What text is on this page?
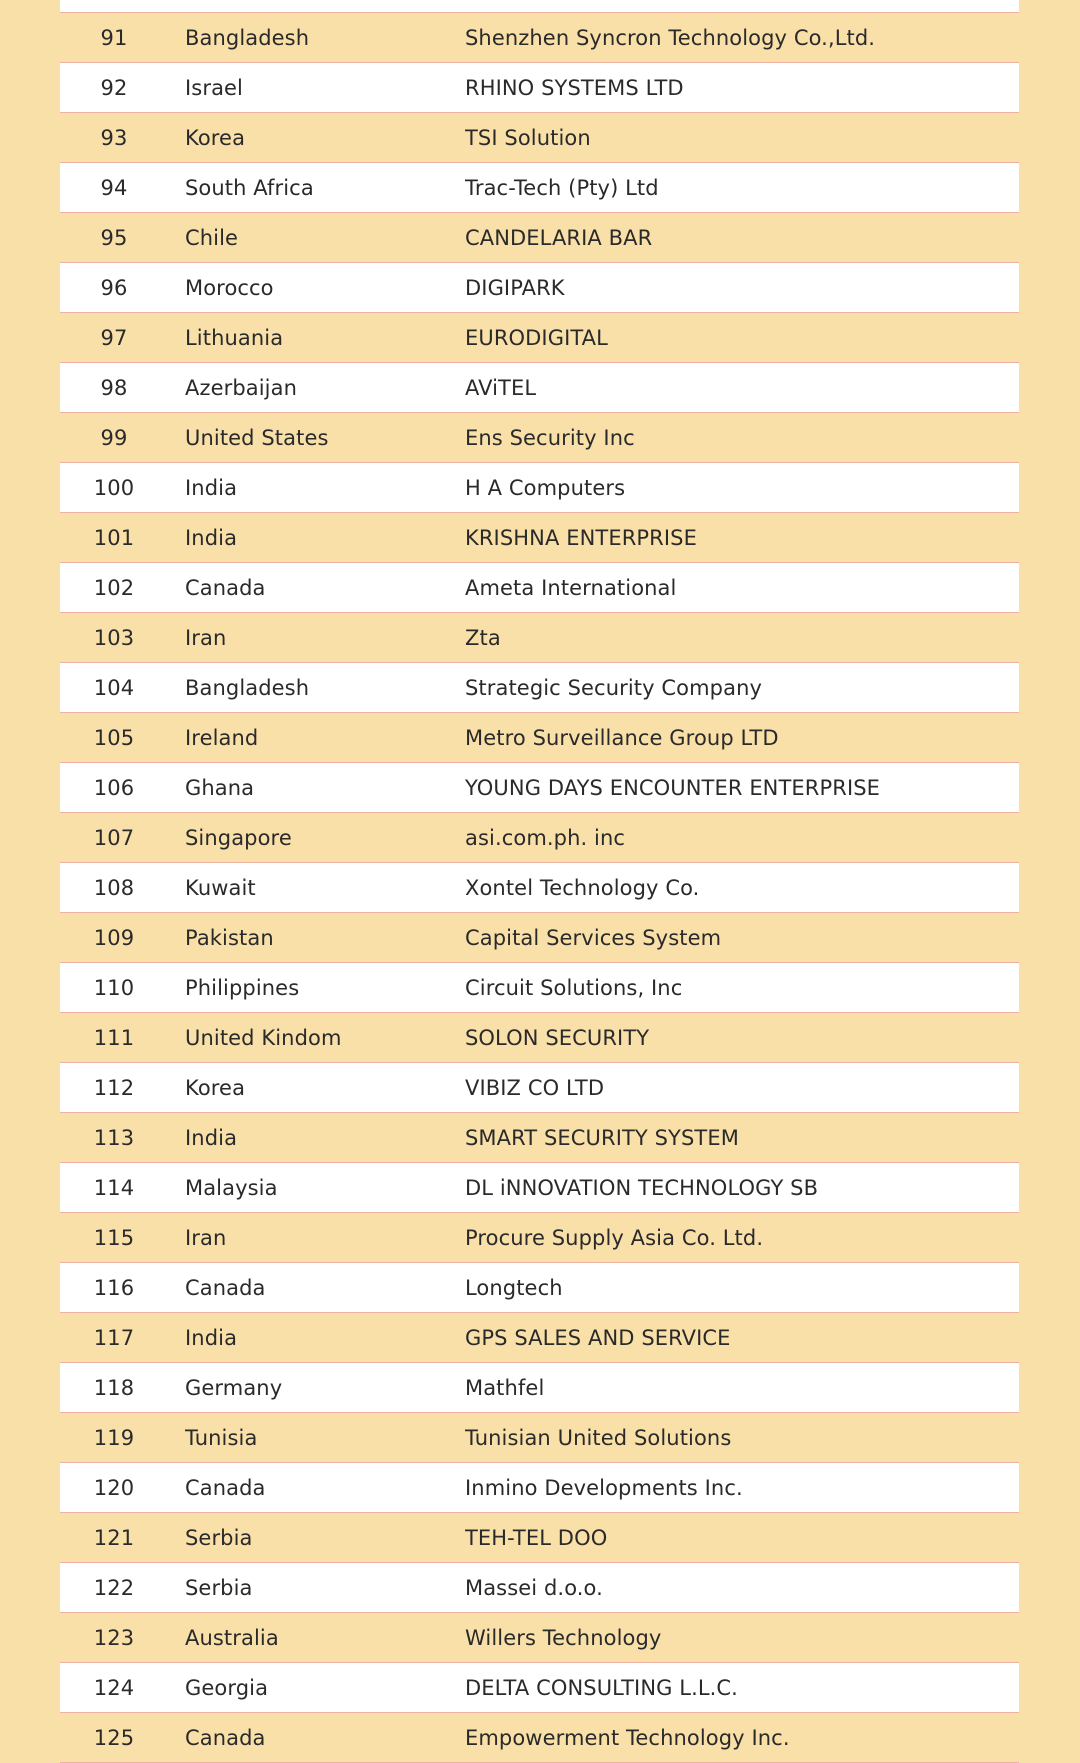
91	Bangladesh	Shenzhen Syncron Technology Co.,Ltd.
92	Israel	RHINO SYSTEMS LTD
93	Korea	TSI Solution
94	South Africa	Trac-Tech (Pty) Ltd
95	Chile	CANDELARIA BAR
96	Morocco	DIGIPARK
97	Lithuania	EURODIGITAL
98	Azerbaijan	AViTEL
99	United States	Ens Security Inc
100	India	H A Computers
101	India	KRISHNA ENTERPRISE
102	Canada	Ameta International
103	Iran	Zta
104	Bangladesh	Strategic Security Company
105	Ireland	Metro Surveillance Group LTD
106	Ghana	YOUNG DAYS ENCOUNTER ENTERPRISE
107	Singapore	asi.com.ph. inc
108	Kuwait	Xontel Technology Co.
109	Pakistan	Capital Services System
110	Philippines	Circuit Solutions, Inc
111	United Kindom	SOLON SECURITY
112	Korea	VIBIZ CO LTD
113	India	SMART SECURITY SYSTEM
114	Malaysia	DL iNNOVATION TECHNOLOGY SB
115	Iran	Procure Supply Asia Co. Ltd.
116	Canada	Longtech
117	India	GPS SALES AND SERVICE
118	Germany	Mathfel
119	Tunisia	Tunisian United Solutions
120	Canada	Inmino Developments Inc.
121	Serbia	TEH-TEL DOO
122	Serbia	Massei d.o.o.
123	Australia	Willers Technology
124	Georgia	DELTA CONSULTING L.L.C.
125	Canada	Empowerment Technology Inc.
